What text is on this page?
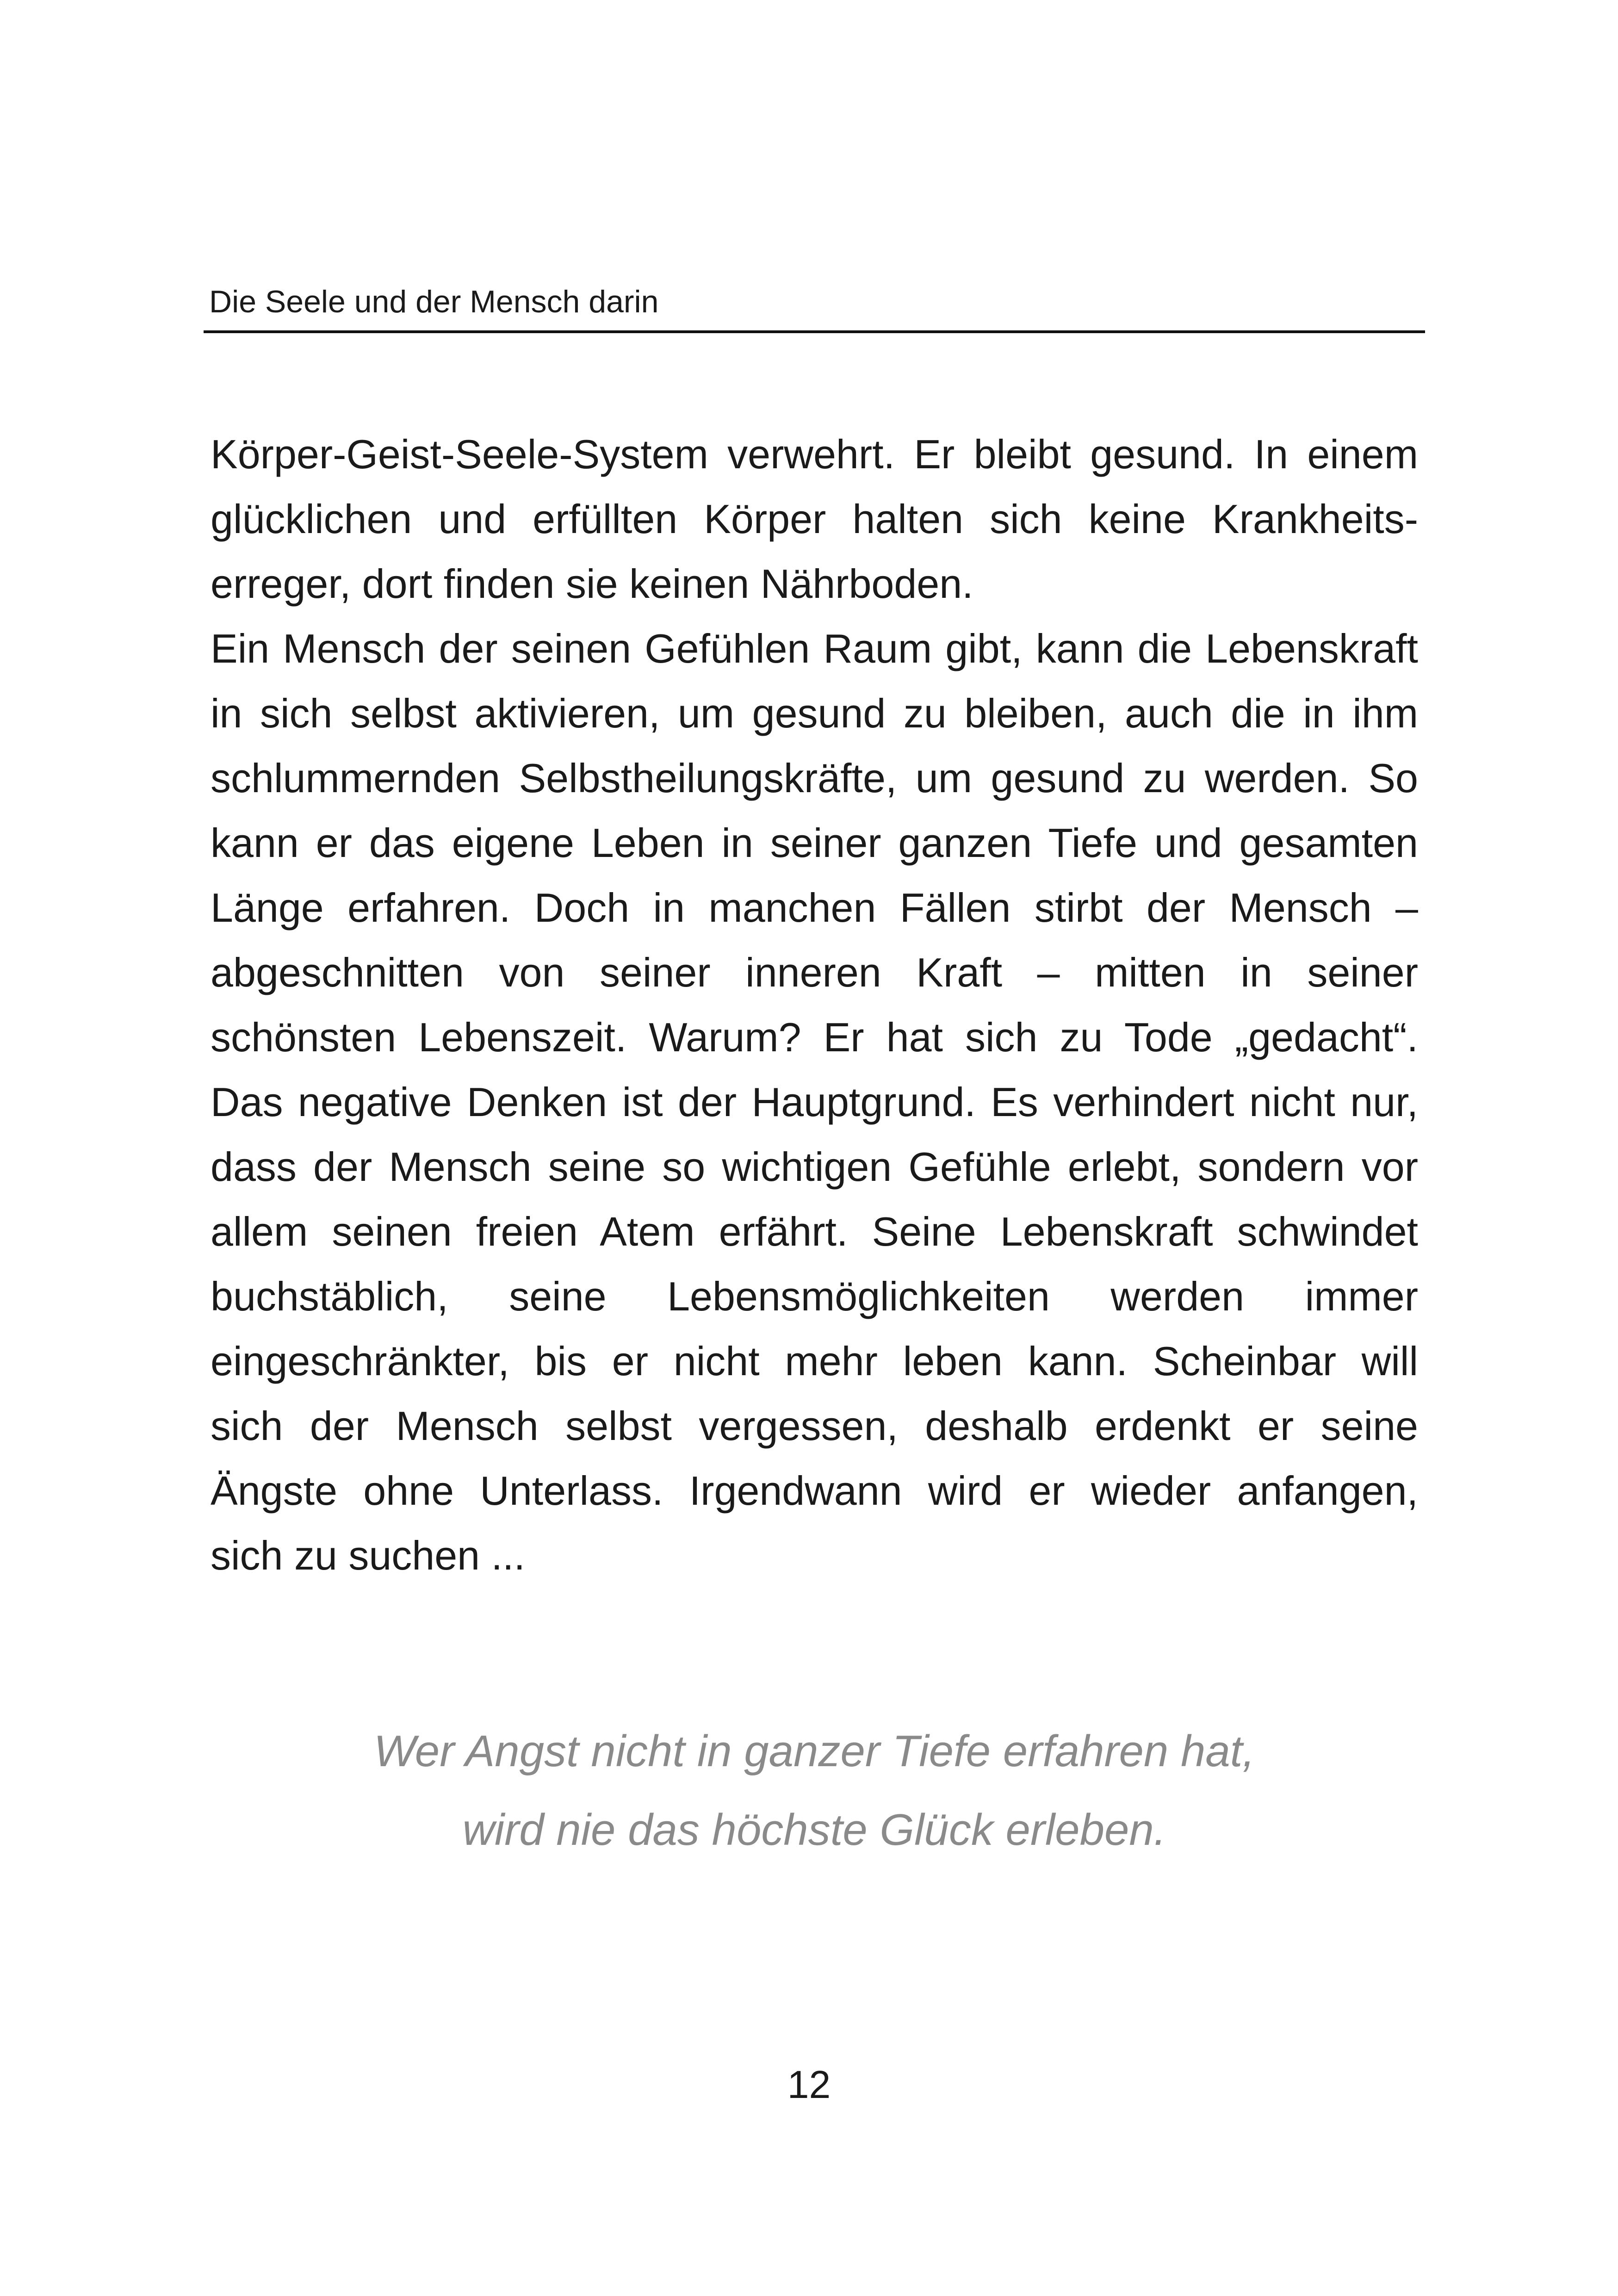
Die Seele und der Mensch darin
Körper-Geist-Seele-System verwehrt. Er bleibt gesund. In einem
glücklichen und erfüllten Körper halten sich keine Krankheits-
erreger, dort finden sie keinen Nährboden.
Ein Mensch der seinen Gefühlen Raum gibt, kann die Lebenskraft
in sich selbst aktivieren, um gesund zu bleiben, auch die in ihm
schlummernden Selbstheilungskräfte, um gesund zu werden. So
kann er das eigene Leben in seiner ganzen Tiefe und gesamten
Länge erfahren. Doch in manchen Fällen stirbt der Mensch –
abgeschnitten von seiner inneren Kraft – mitten in seiner
schönsten Lebenszeit. Warum? Er hat sich zu Tode „gedacht“.
Das negative Denken ist der Hauptgrund. Es verhindert nicht nur,
dass der Mensch seine so wichtigen Gefühle erlebt, sondern vor
allem seinen freien Atem erfährt. Seine Lebenskraft schwindet
buchstäblich, seine Lebensmöglichkeiten werden immer
eingeschränkter, bis er nicht mehr leben kann. Scheinbar will
sich der Mensch selbst vergessen, deshalb erdenkt er seine
Ängste ohne Unterlass. Irgendwann wird er wieder anfangen,
sich zu suchen ...
Wer Angst nicht in ganzer Tiefe erfahren hat,
wird nie das höchste Glück erleben.
12
